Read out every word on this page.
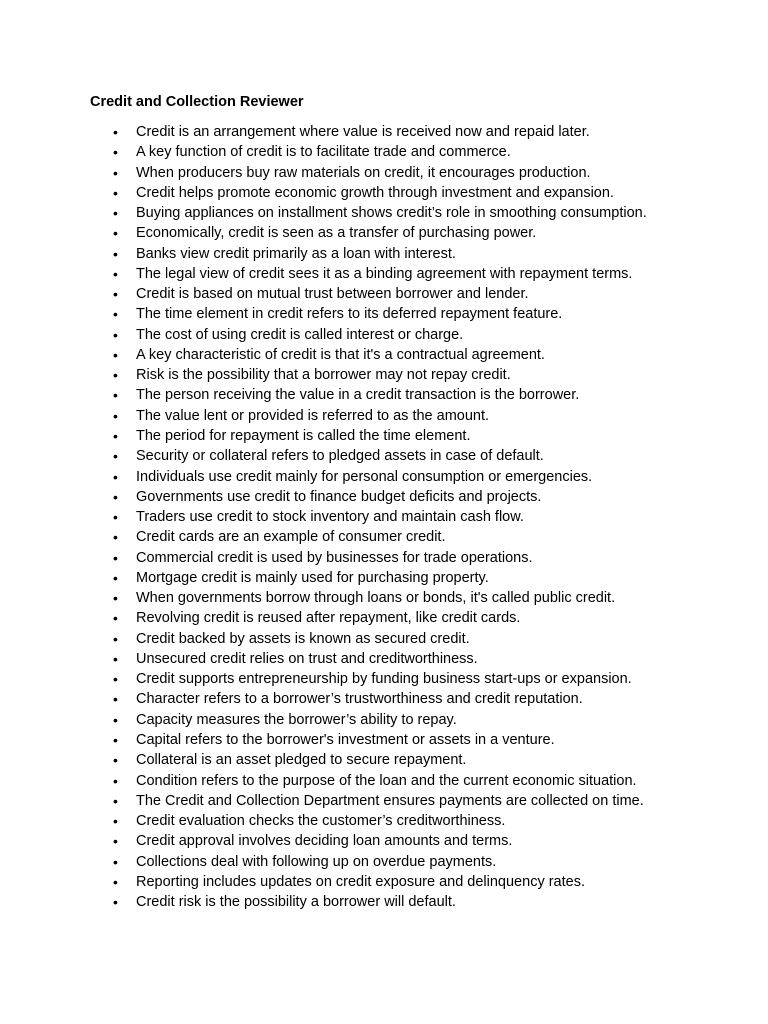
Credit and Collection Reviewer
• Credit is an arrangement where value is received now and repaid later.
• A key function of credit is to facilitate trade and commerce.
• When producers buy raw materials on credit, it encourages production.
• Credit helps promote economic growth through investment and expansion.
• Buying appliances on installment shows credit’s role in smoothing consumption.
• Economically, credit is seen as a transfer of purchasing power.
• Banks view credit primarily as a loan with interest.
• The legal view of credit sees it as a binding agreement with repayment terms.
• Credit is based on mutual trust between borrower and lender.
• The time element in credit refers to its deferred repayment feature.
• The cost of using credit is called interest or charge.
• A key characteristic of credit is that it's a contractual agreement.
• Risk is the possibility that a borrower may not repay credit.
• The person receiving the value in a credit transaction is the borrower.
• The value lent or provided is referred to as the amount.
• The period for repayment is called the time element.
• Security or collateral refers to pledged assets in case of default.
• Individuals use credit mainly for personal consumption or emergencies.
• Governments use credit to finance budget deficits and projects.
• Traders use credit to stock inventory and maintain cash flow.
• Credit cards are an example of consumer credit.
• Commercial credit is used by businesses for trade operations.
• Mortgage credit is mainly used for purchasing property.
• When governments borrow through loans or bonds, it's called public credit.
• Revolving credit is reused after repayment, like credit cards.
• Credit backed by assets is known as secured credit.
• Unsecured credit relies on trust and creditworthiness.
• Credit supports entrepreneurship by funding business start-ups or expansion.
• Character refers to a borrower’s trustworthiness and credit reputation.
• Capacity measures the borrower’s ability to repay.
• Capital refers to the borrower's investment or assets in a venture.
• Collateral is an asset pledged to secure repayment.
• Condition refers to the purpose of the loan and the current economic situation.
• The Credit and Collection Department ensures payments are collected on time.
• Credit evaluation checks the customer’s creditworthiness.
• Credit approval involves deciding loan amounts and terms.
• Collections deal with following up on overdue payments.
• Reporting includes updates on credit exposure and delinquency rates.
• Credit risk is the possibility a borrower will default.
